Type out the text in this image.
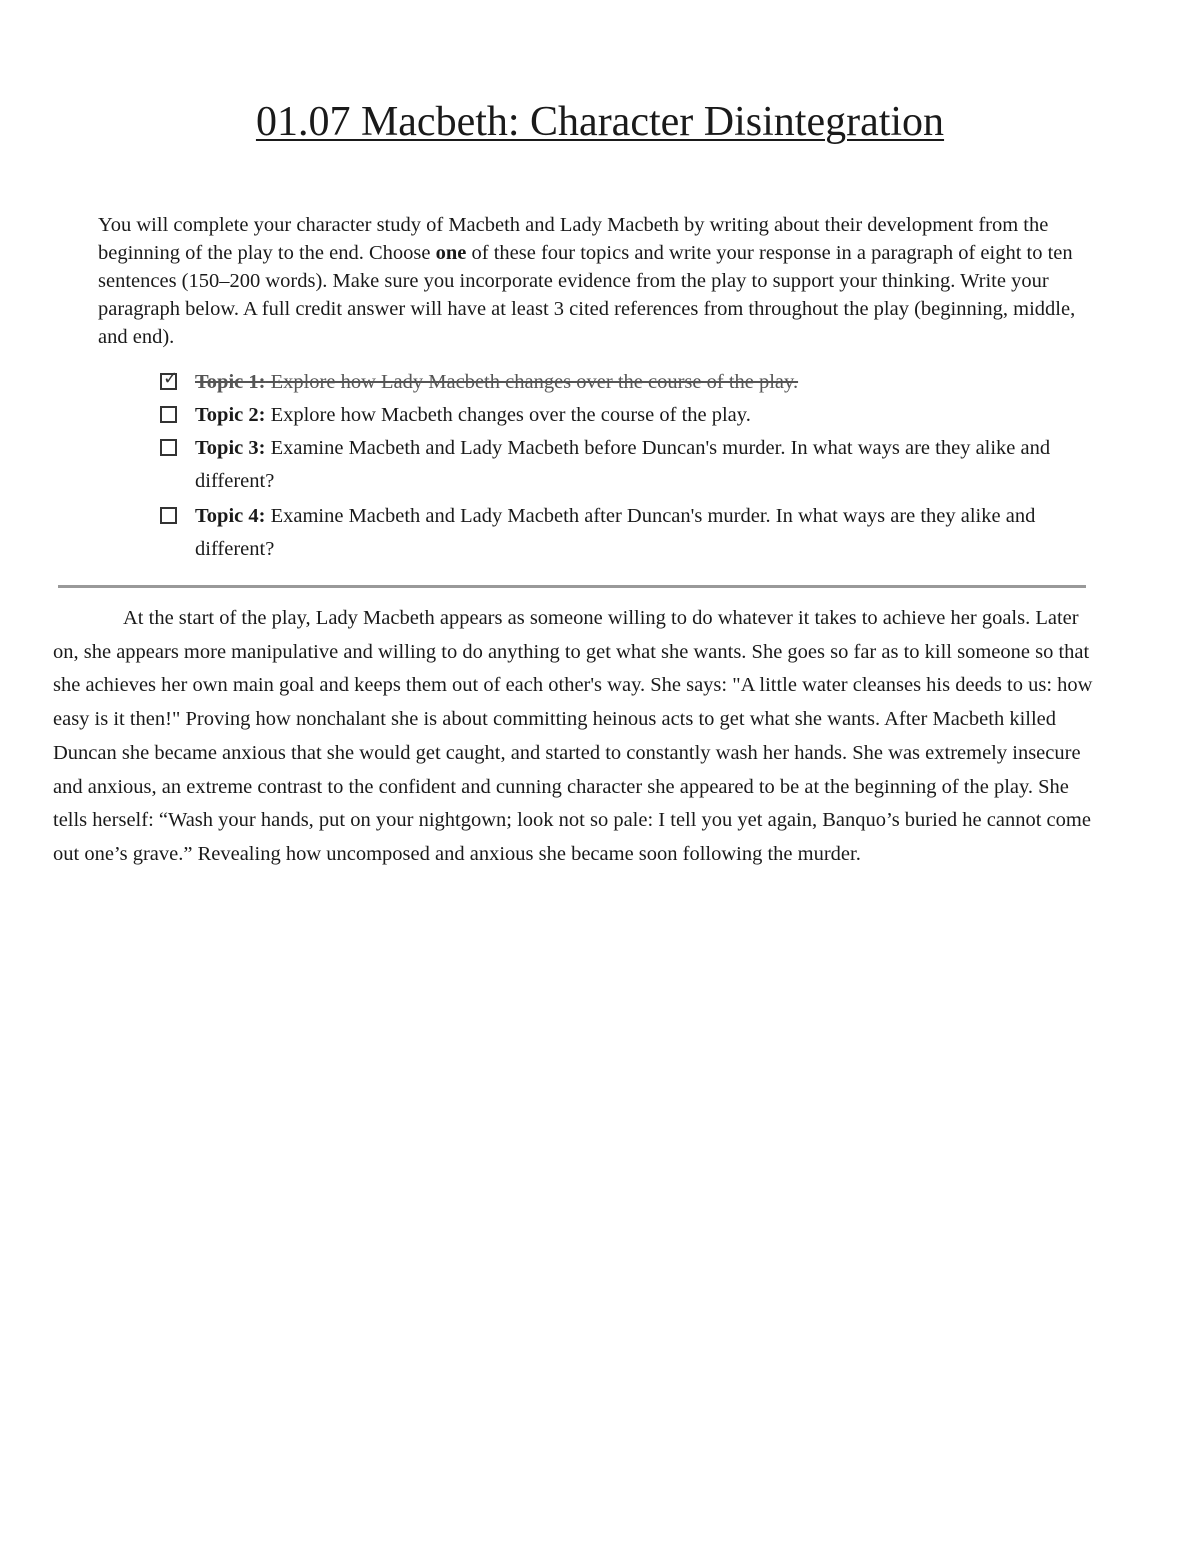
01.07 Macbeth: Character Disintegration

You will complete your character study of Macbeth and Lady Macbeth by writing about their development from the beginning of the play to the end. Choose one of these four topics and write your response in a paragraph of eight to ten sentences (150–200 words). Make sure you incorporate evidence from the play to support your thinking. Write your paragraph below. A full credit answer will have at least 3 cited references from throughout the play (beginning, middle, and end).

✓ Topic 1: Explore how Lady Macbeth changes over the course of the play.
Topic 2: Explore how Macbeth changes over the course of the play.
Topic 3: Examine Macbeth and Lady Macbeth before Duncan's murder. In what ways are they alike and different?
Topic 4: Examine Macbeth and Lady Macbeth after Duncan's murder. In what ways are they alike and different?

At the start of the play, Lady Macbeth appears as someone willing to do whatever it takes to achieve her goals. Later on, she appears more manipulative and willing to do anything to get what she wants. She goes so far as to kill someone so that she achieves her own main goal and keeps them out of each other's way. She says: "A little water cleanses his deeds to us: how easy is it then!" Proving how nonchalant she is about committing heinous acts to get what she wants. After Macbeth killed Duncan she became anxious that she would get caught, and started to constantly wash her hands. She was extremely insecure and anxious, an extreme contrast to the confident and cunning character she appeared to be at the beginning of the play. She tells herself: “Wash your hands, put on your nightgown; look not so pale: I tell you yet again, Banquo’s buried he cannot come out one’s grave.” Revealing how uncomposed and anxious she became soon following the murder.
